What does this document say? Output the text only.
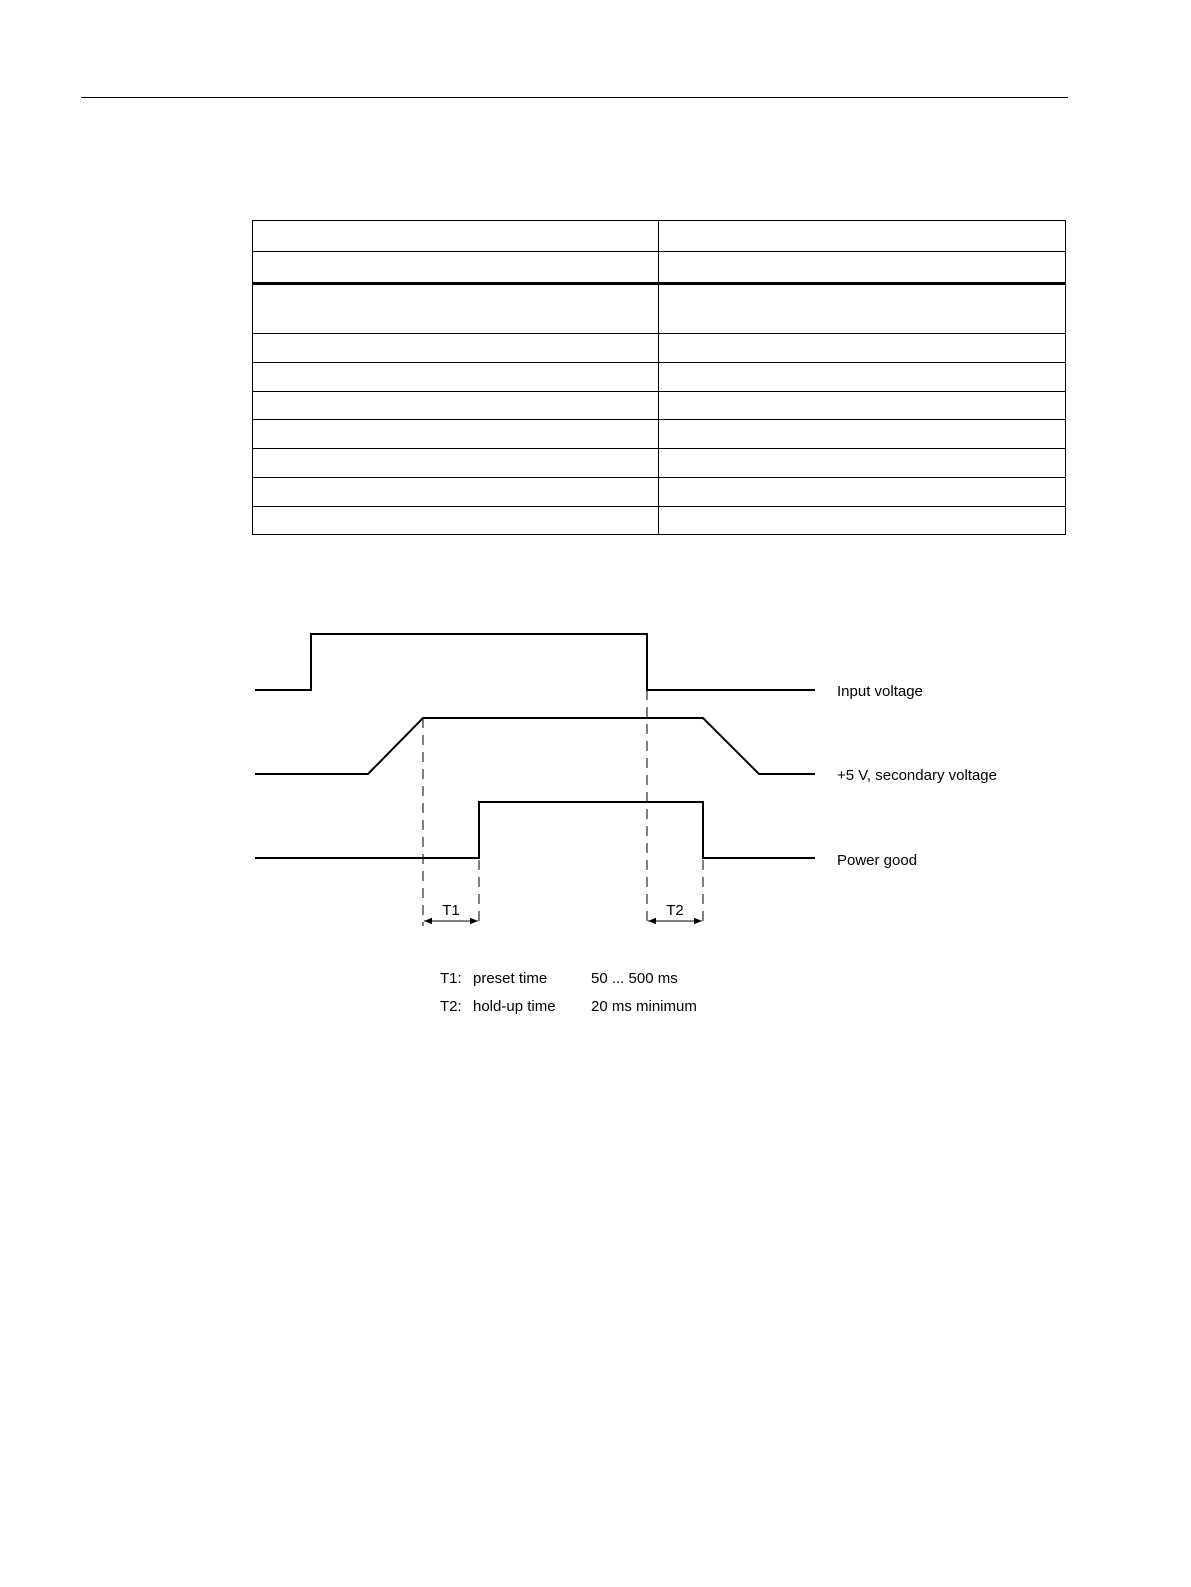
T1	T2
Input voltage
+5 V, secondary voltage
Power good
T1: preset time	50 ... 500 ms
T2: hold-up time 20 ms minimum
